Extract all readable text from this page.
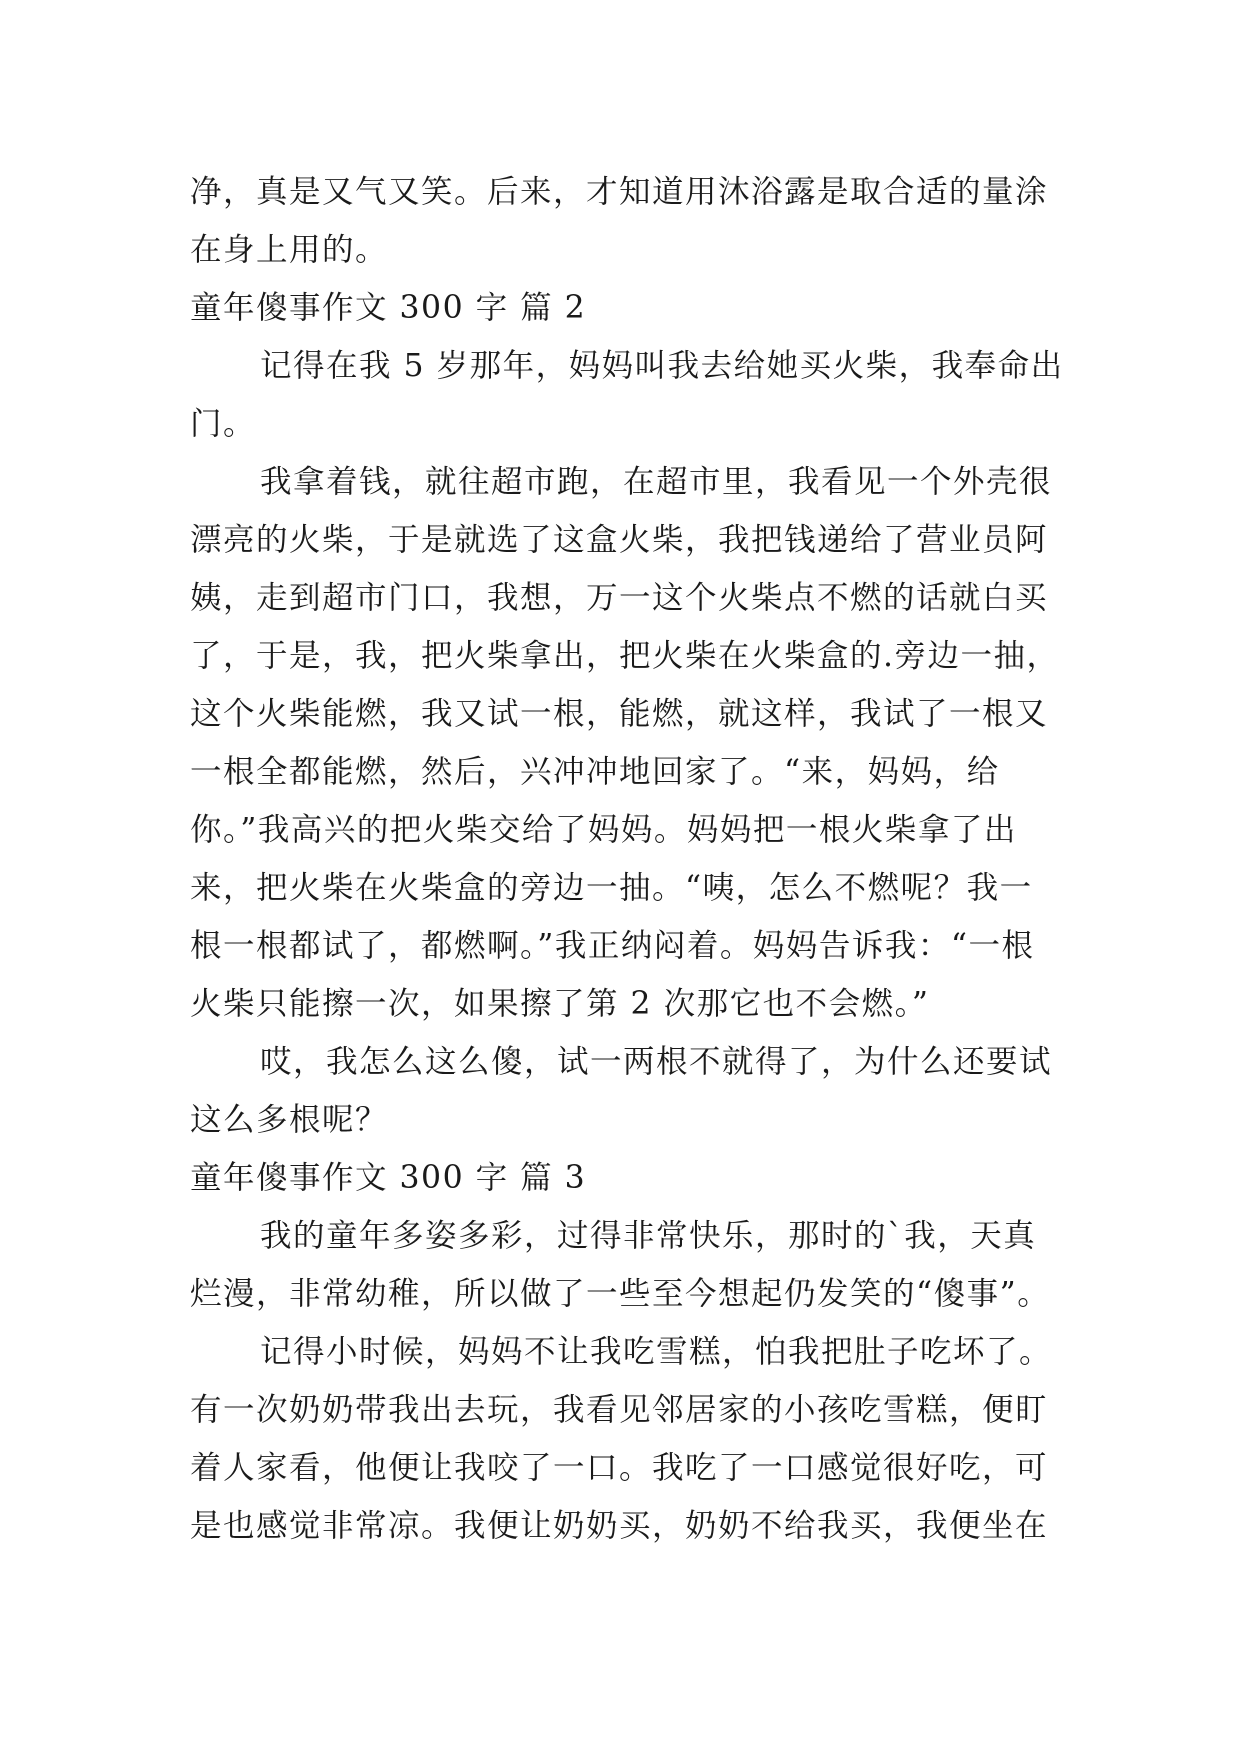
净，真是又气又笑。后来，才知道用沐浴露是取合适的量涂
在身上用的。
童年傻事作文 300 字 篇 2
记得在我 5 岁那年，妈妈叫我去给她买火柴，我奉命出
门。
我拿着钱，就往超市跑，在超市里，我看见一个外壳很
漂亮的火柴，于是就选了这盒火柴，我把钱递给了营业员阿
姨，走到超市门口，我想，万一这个火柴点不燃的话就白买
了，于是，我，把火柴拿出，把火柴在火柴盒的.旁边一抽，
这个火柴能燃，我又试一根，能燃，就这样，我试了一根又
一根全都能燃，然后，兴冲冲地回家了。“来，妈妈，给
你。”我高兴的把火柴交给了妈妈。妈妈把一根火柴拿了出
来，把火柴在火柴盒的旁边一抽。“咦，怎么不燃呢？我一
根一根都试了，都燃啊。”我正纳闷着。妈妈告诉我：“一根
火柴只能擦一次，如果擦了第 2 次那它也不会燃。”
哎，我怎么这么傻，试一两根不就得了，为什么还要试
这么多根呢？
童年傻事作文 300 字 篇 3
我的童年多姿多彩，过得非常快乐，那时的`我，天真
烂漫，非常幼稚，所以做了一些至今想起仍发笑的“傻事”。
记得小时候，妈妈不让我吃雪糕，怕我把肚子吃坏了。
有一次奶奶带我出去玩，我看见邻居家的小孩吃雪糕，便盯
着人家看，他便让我咬了一口。我吃了一口感觉很好吃，可
是也感觉非常凉。我便让奶奶买，奶奶不给我买，我便坐在
